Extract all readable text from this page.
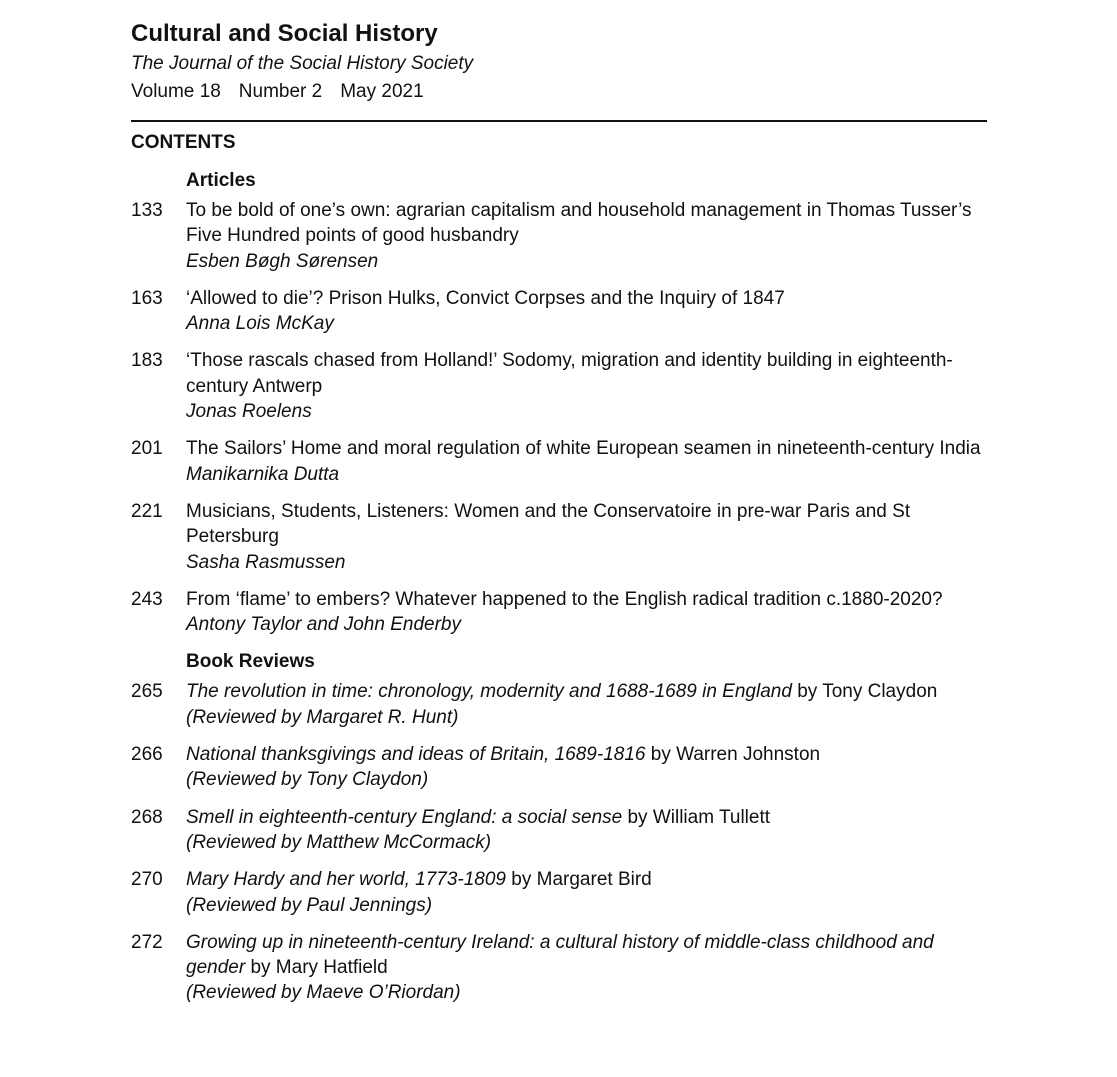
Cultural and Social History

The Journal of the Social History Society

Volume 18 Number 2 May 2021

CONTENTS
Articles
133	To be bold of one’s own: agrarian capitalism and household management in Thomas Tusser’s Five Hundred points of good husbandry
Esben Bøgh Sørensen
163	‘Allowed to die’? Prison Hulks, Convict Corpses and the Inquiry of 1847
Anna Lois McKay
183	‘Those rascals chased from Holland!’ Sodomy, migration and identity building in eighteenth-century Antwerp
Jonas Roelens
201	The Sailors’ Home and moral regulation of white European seamen in nineteenth-century India
Manikarnika Dutta
221	Musicians, Students, Listeners: Women and the Conservatoire in pre-war Paris and St Petersburg
Sasha Rasmussen
243	From ‘flame’ to embers? Whatever happened to the English radical tradition c.1880-2020?
Antony Taylor and John Enderby
Book Reviews
265	The revolution in time: chronology, modernity and 1688-1689 in England by Tony Claydon
(Reviewed by Margaret R. Hunt)
266	National thanksgivings and ideas of Britain, 1689-1816 by Warren Johnston
(Reviewed by Tony Claydon)
268	Smell in eighteenth-century England: a social sense by William Tullett
(Reviewed by Matthew McCormack)
270	Mary Hardy and her world, 1773-1809 by Margaret Bird
(Reviewed by Paul Jennings)
272	Growing up in nineteenth-century Ireland: a cultural history of middle-class childhood and gender by Mary Hatfield
(Reviewed by Maeve O’Riordan)
